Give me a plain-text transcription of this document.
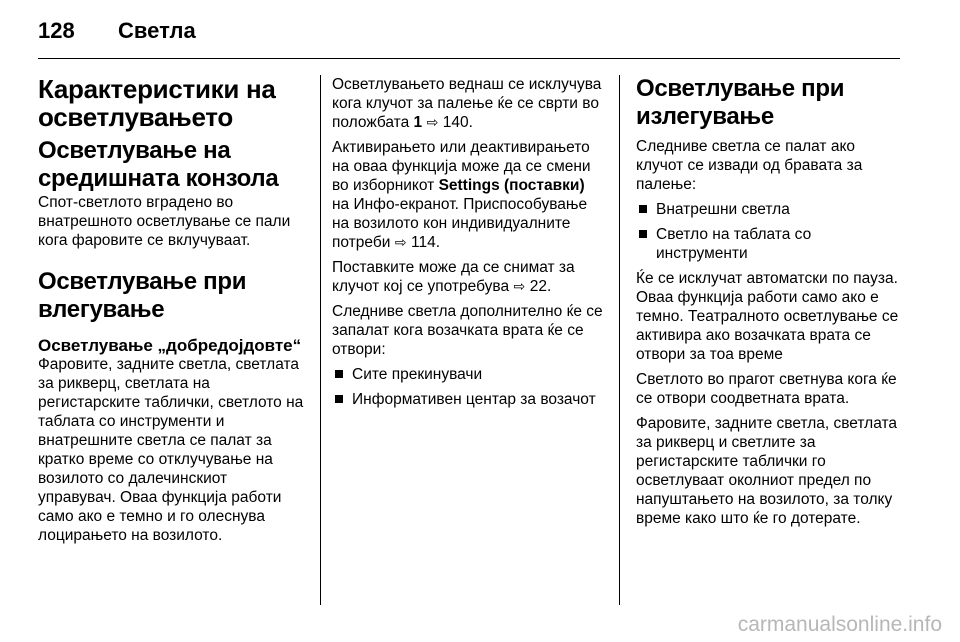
128 Светла
Карактеристики на осветлувањето
Осветлување на средишната конзола

Спот-светлото вградено во внатрешното осветлување се пали кога фаровите се вклучуваат.

Осветлување при влегување
Осветлување „добредојдовте“

Фаровите, задните светла, светлата за рикверц, светлата на регистарските таблички, светлото на таблата со инструменти и внатрешните светла се палат за кратко време со отклучување на возилото со далечинскиот управувач. Оваа функција работи само ако е темно и го олеснува лоцирањето на возилото.

Осветлувањето веднаш се исклучува кога клучот за палење ќе се сврти во положбата 1 ⇨ 140.

Активирањето или деактивирањето на оваа функција може да се смени во изборникот Settings (поставки) на Инфо-екранот. Приспособување на возилото кон индивидуалните потреби ⇨ 114.

Поставките може да се снимат за клучот кој се употребува ⇨ 22.

Следниве светла дополнително ќе се запалат кога возачката врата ќе се отвори:

Сите прекинувачи
Информативен центар за возачот
Осветлување при излегување

Следниве светла се палат ако клучот се извади од бравата за палење:

Внатрешни светла
Светло на таблата со инструменти

Ќе се исклучат автоматски по пауза. Оваа функција работи само ако е темно. Театралното осветлување се активира ако возачката врата се отвори за тоа време

Светлото во прагот светнува кога ќе се отвори соодветната врата.

Фаровите, задните светла, светлата за рикверц и светлите за регистарските таблички го осветлуваат околниот предел по напуштањето на возилото, за толку време како што ќе го дотерате.

carmanualsonline.info
